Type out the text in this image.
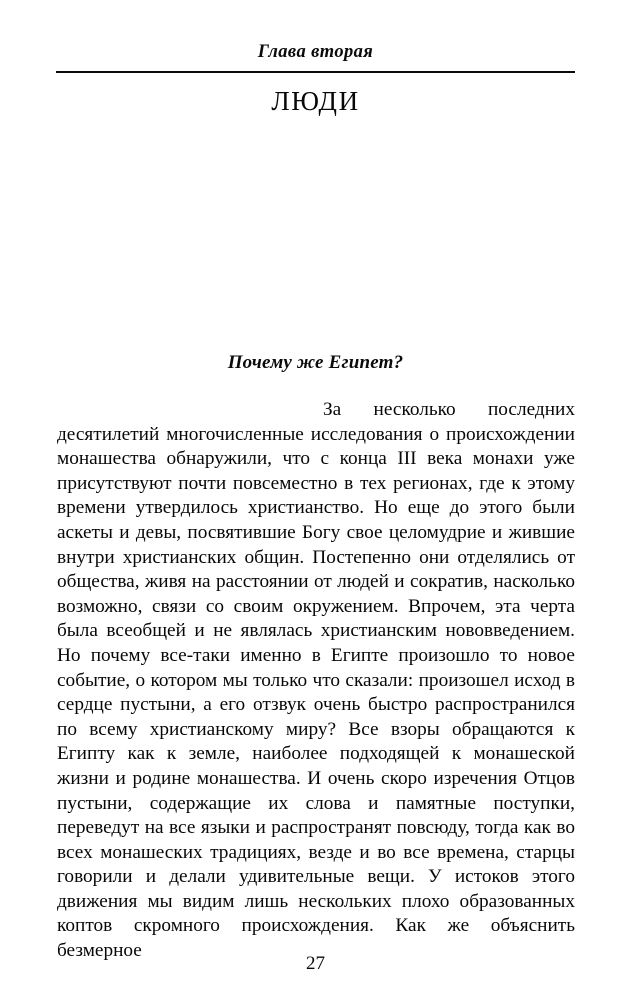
Глава вторая
ЛЮДИ
Почему же Египет?

За несколько последних десятилетий многочисленные исследования о происхождении монашества обнаружили, что с конца III века монахи уже присутствуют почти повсеместно в тех регионах, где к этому времени утвердилось христианство. Но еще до этого были аскеты и девы, посвятившие Богу свое целомудрие и жившие внутри христианских общин. Постепенно они отделялись от общества, живя на расстоянии от людей и сократив, насколько возможно, связи со своим окружением. Впрочем, эта черта была всеобщей и не являлась христианским нововведением. Но почему все-таки именно в Египте произошло то новое событие, о котором мы только что сказали: произошел исход в сердце пустыни, а его отзвук очень быстро распространился по всему христианскому миру? Все взоры обращаются к Египту как к земле, наиболее подходящей к монашеской жизни и родине монашества. И очень скоро изречения Отцов пустыни, содержащие их слова и памятные поступки, переведут на все языки и распространят повсюду, тогда как во всех монашеских традициях, везде и во все времена, старцы говорили и делали удивительные вещи. У истоков этого движения мы видим лишь нескольких плохо образованных коптов скромного происхождения. Как же объяснить безмерное

27
